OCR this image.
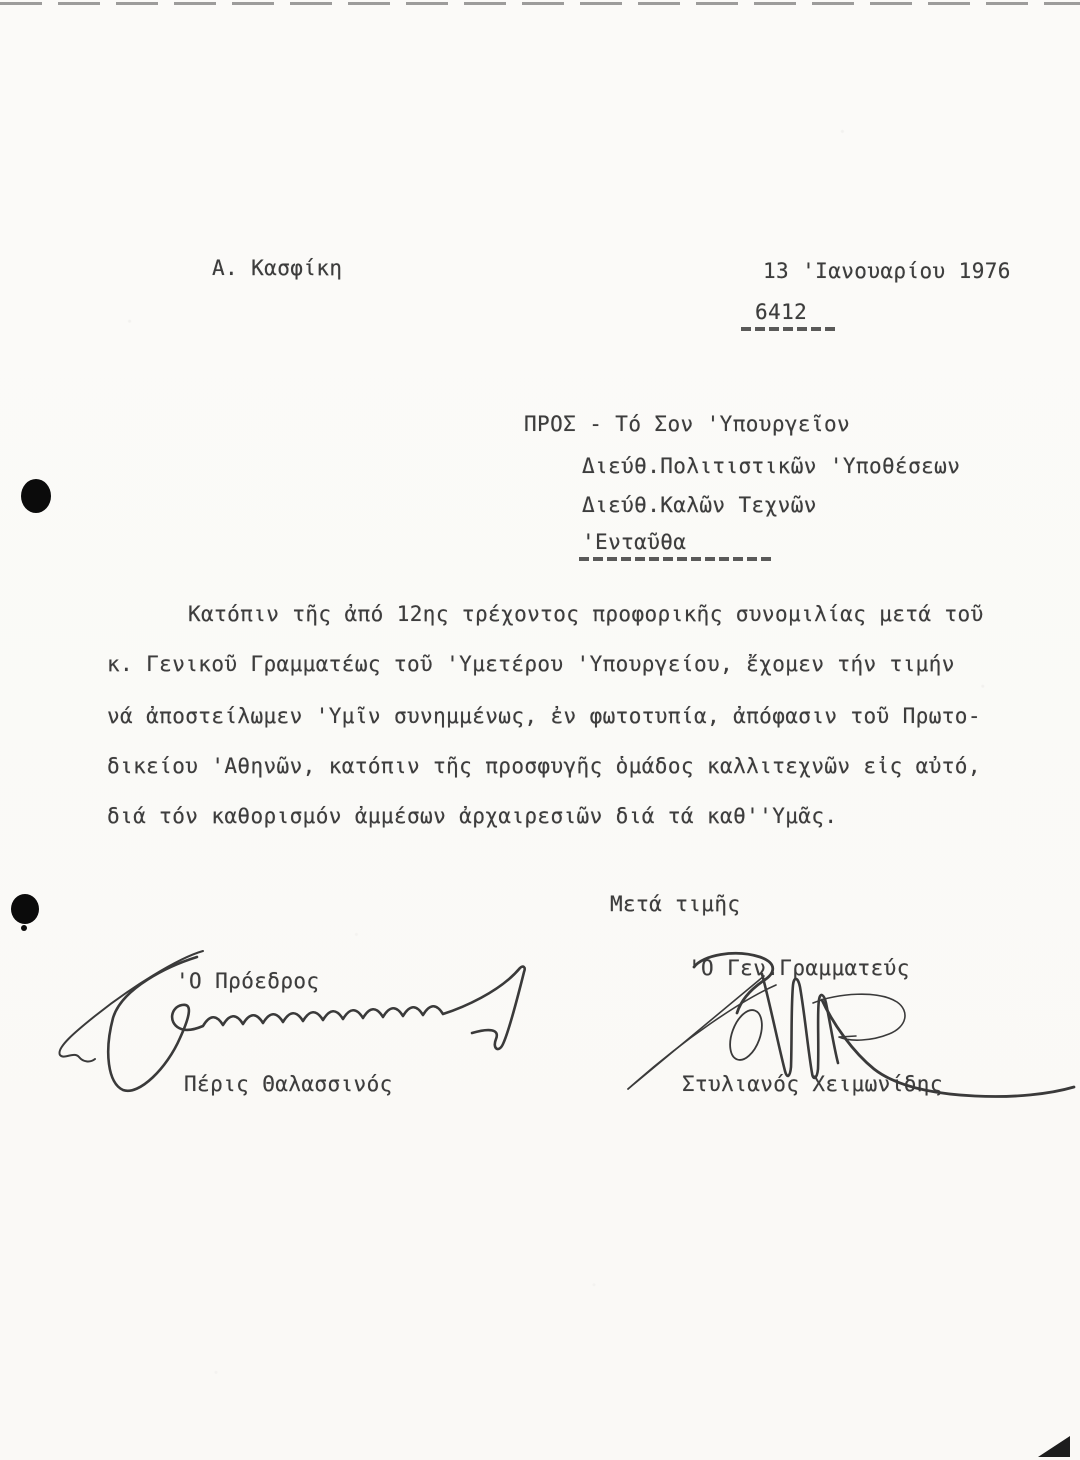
Α. Κασφίκη	13 'Ιανουαρίου 1976
6412
ΠΡΟΣ - Τό Σον 'Υπουργεῖον
Διεύθ.Πολιτιστικῶν 'Υποθέσεων
Διεύθ.Καλῶν Τεχνῶν
'Ενταῦθα
Κατόπιν τῆς ἀπό 12ης τρέχοντος προφορικῆς συνομιλίας μετά τοῦ
κ. Γενικοῦ Γραμματέως τοῦ 'Υμετέρου 'Υπουργείου, ἔχομεν τήν τιμήν
νά ἀποστείλωμεν 'Υμῖν συνημμένως, ἐν φωτοτυπία, ἀπόφασιν τοῦ Πρωτο-
δικείου 'Αθηνῶν, κατόπιν τῆς προσφυγῆς ὁμάδος καλλιτεχνῶν εἰς αὐτό,
διά τόν καθορισμόν ἀμμέσων ἀρχαιρεσιῶν διά τά καθ''Υμᾶς.
Μετά τιμῆς
'Ο Πρόεδρος
'Ο Γεν.Γραμματεύς
Πέρις Θαλασσινός	Στυλιανός Χειμωνίδης
